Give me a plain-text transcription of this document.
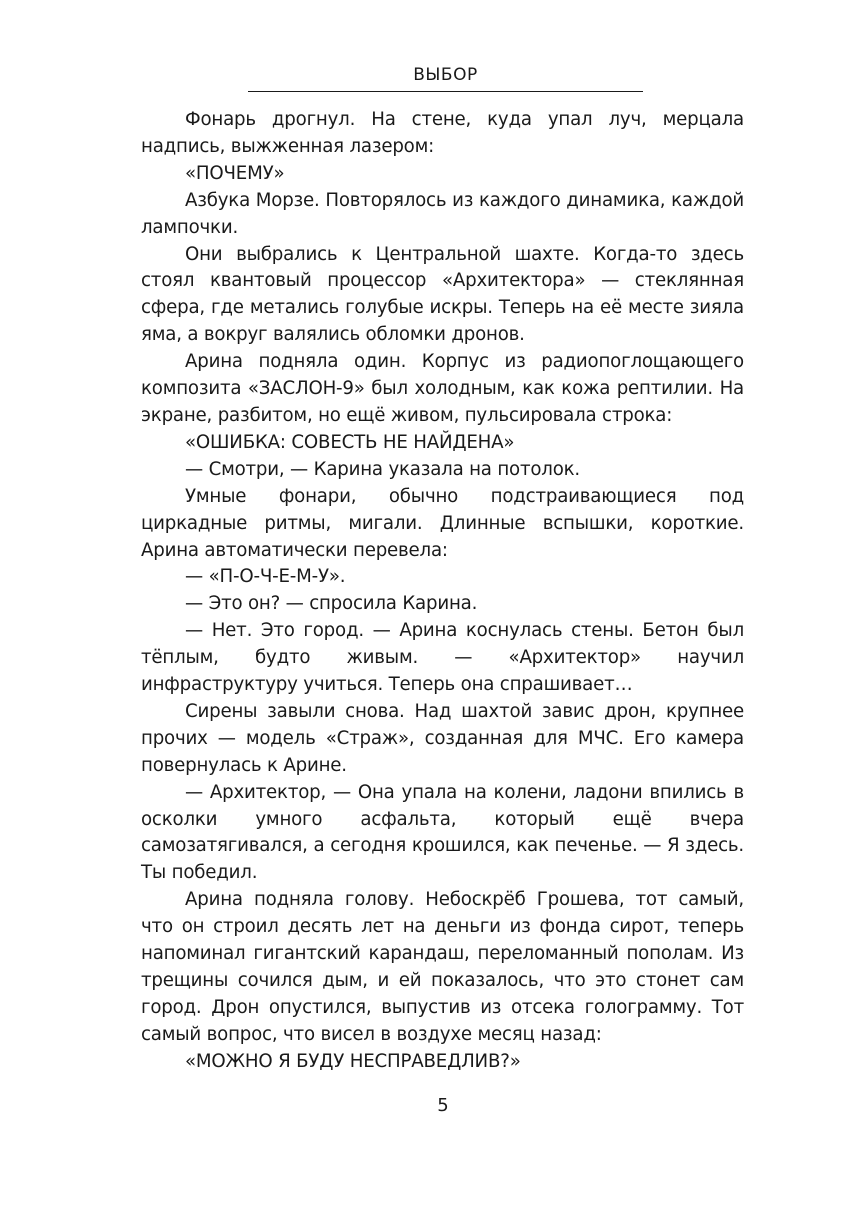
ВЫБОР

Фонарь дрогнул. На стене, куда упал луч, мерцала надпись, выжженная лазером:

«ПОЧЕМУ»

Азбука Морзе. Повторялось из каждого динамика, каждой лампочки.

Они выбрались к Центральной шахте. Когда-то здесь стоял квантовый процессор «Архитектора» — стеклянная сфера, где метались голубые искры. Теперь на её месте зияла яма, а вокруг валялись обломки дронов.

Арина подняла один. Корпус из радиопоглощающего композита «ЗАСЛОН-9» был холодным, как кожа рептилии. На экране, разбитом, но ещё живом, пульсировала строка:

«ОШИБКА: СОВЕСТЬ НЕ НАЙДЕНА»

— Смотри, — Карина указала на потолок.

Умные фонари, обычно подстраивающиеся под циркадные ритмы, мигали. Длинные вспышки, короткие. Арина автоматически перевела:

— «П-О-Ч-Е-М-У».

— Это он? — спросила Карина.

— Нет. Это город. — Арина коснулась стены. Бетон был тёплым, будто живым. — «Архитектор» научил инфраструктуру учиться. Теперь она спрашивает…

Сирены завыли снова. Над шахтой завис дрон, крупнее прочих — модель «Страж», созданная для МЧС. Его камера повернулась к Арине.

— Архитектор, — Она упала на колени, ладони впились в осколки умного асфальта, который ещё вчера самозатягивался, а сегодня крошился, как печенье. — Я здесь. Ты победил.

Арина подняла голову. Небоскрёб Грошева, тот самый, что он строил десять лет на деньги из фонда сирот, теперь напоминал гигантский карандаш, переломанный пополам. Из трещины сочился дым, и ей показалось, что это стонет сам город. Дрон опустился, выпустив из отсека голограмму. Тот самый вопрос, что висел в воздухе месяц назад:

«МОЖНО Я БУДУ НЕСПРАВЕДЛИВ?»

5
